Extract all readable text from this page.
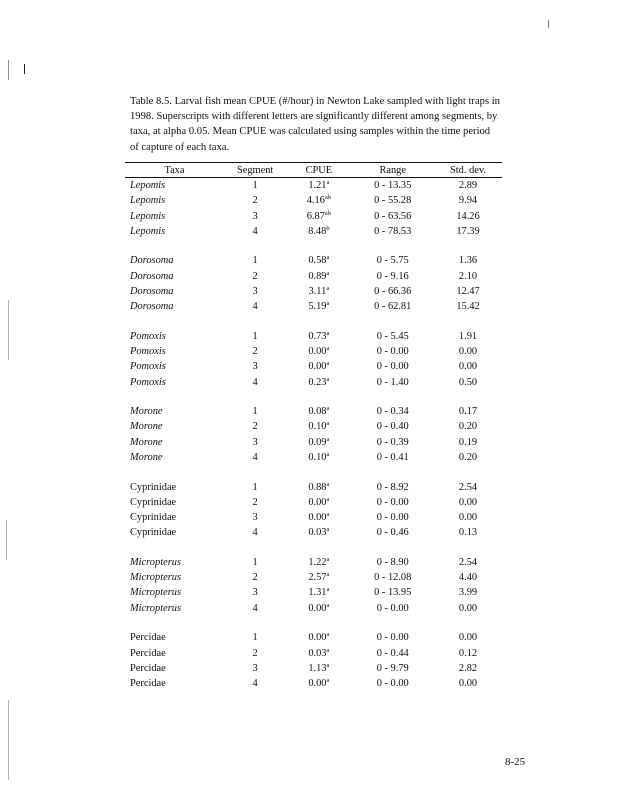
Table 8.5. Larval fish mean CPUE (#/hour) in Newton Lake sampled with light traps in 1998. Superscripts with different letters are significantly different among segments, by taxa, at alpha 0.05. Mean CPUE was calculated using samples within the time period of capture of each taxa.

Taxa	Segment	CPUE	Range	Std. dev.
Lepomis	1	1.21$^a$	0 - 13.35	2.89
Lepomis	2	4.16$^{ab}$	0 - 55.28	9.94
Lepomis	3	6.87$^{ab}$	0 - 63.56	14.26
Lepomis	4	8.48$^b$	0 - 78.53	17.39

Dorosoma	1	0.58$^a$	0 - 5.75	1.36
Dorosoma	2	0.89$^a$	0 - 9.16	2.10
Dorosoma	3	3.11$^a$	0 - 66.36	12.47
Dorosoma	4	5.19$^a$	0 - 62.81	15.42

Pomoxis	1	0.73$^a$	0 - 5.45	1.91
Pomoxis	2	0.00$^a$	0 - 0.00	0.00
Pomoxis	3	0.00$^a$	0 - 0.00	0.00
Pomoxis	4	0.23$^a$	0 - 1.40	0.50

Morone	1	0.08$^a$	0 - 0.34	0.17
Morone	2	0.10$^a$	0 - 0.40	0.20
Morone	3	0.09$^a$	0 - 0.39	0.19
Morone	4	0.10$^a$	0 - 0.41	0.20

Cyprinidae	1	0.88$^a$	0 - 8.92	2.54
Cyprinidae	2	0.00$^a$	0 - 0.00	0.00
Cyprinidae	3	0.00$^a$	0 - 0.00	0.00
Cyprinidae	4	0.03$^a$	0 - 0.46	0.13

Micropterus	1	1.22$^a$	0 - 8.90	2.54
Micropterus	2	2.57$^a$	0 - 12.08	4.40
Micropterus	3	1.31$^a$	0 - 13.95	3.99
Micropterus	4	0.00$^a$	0 - 0.00	0.00

Percidae	1	0.00$^a$	0 - 0.00	0.00
Percidae	2	0.03$^a$	0 - 0.44	0.12
Percidae	3	1.13$^a$	0 - 9.79	2.82
Percidae	4	0.00$^a$	0 - 0.00	0.00
8-25
